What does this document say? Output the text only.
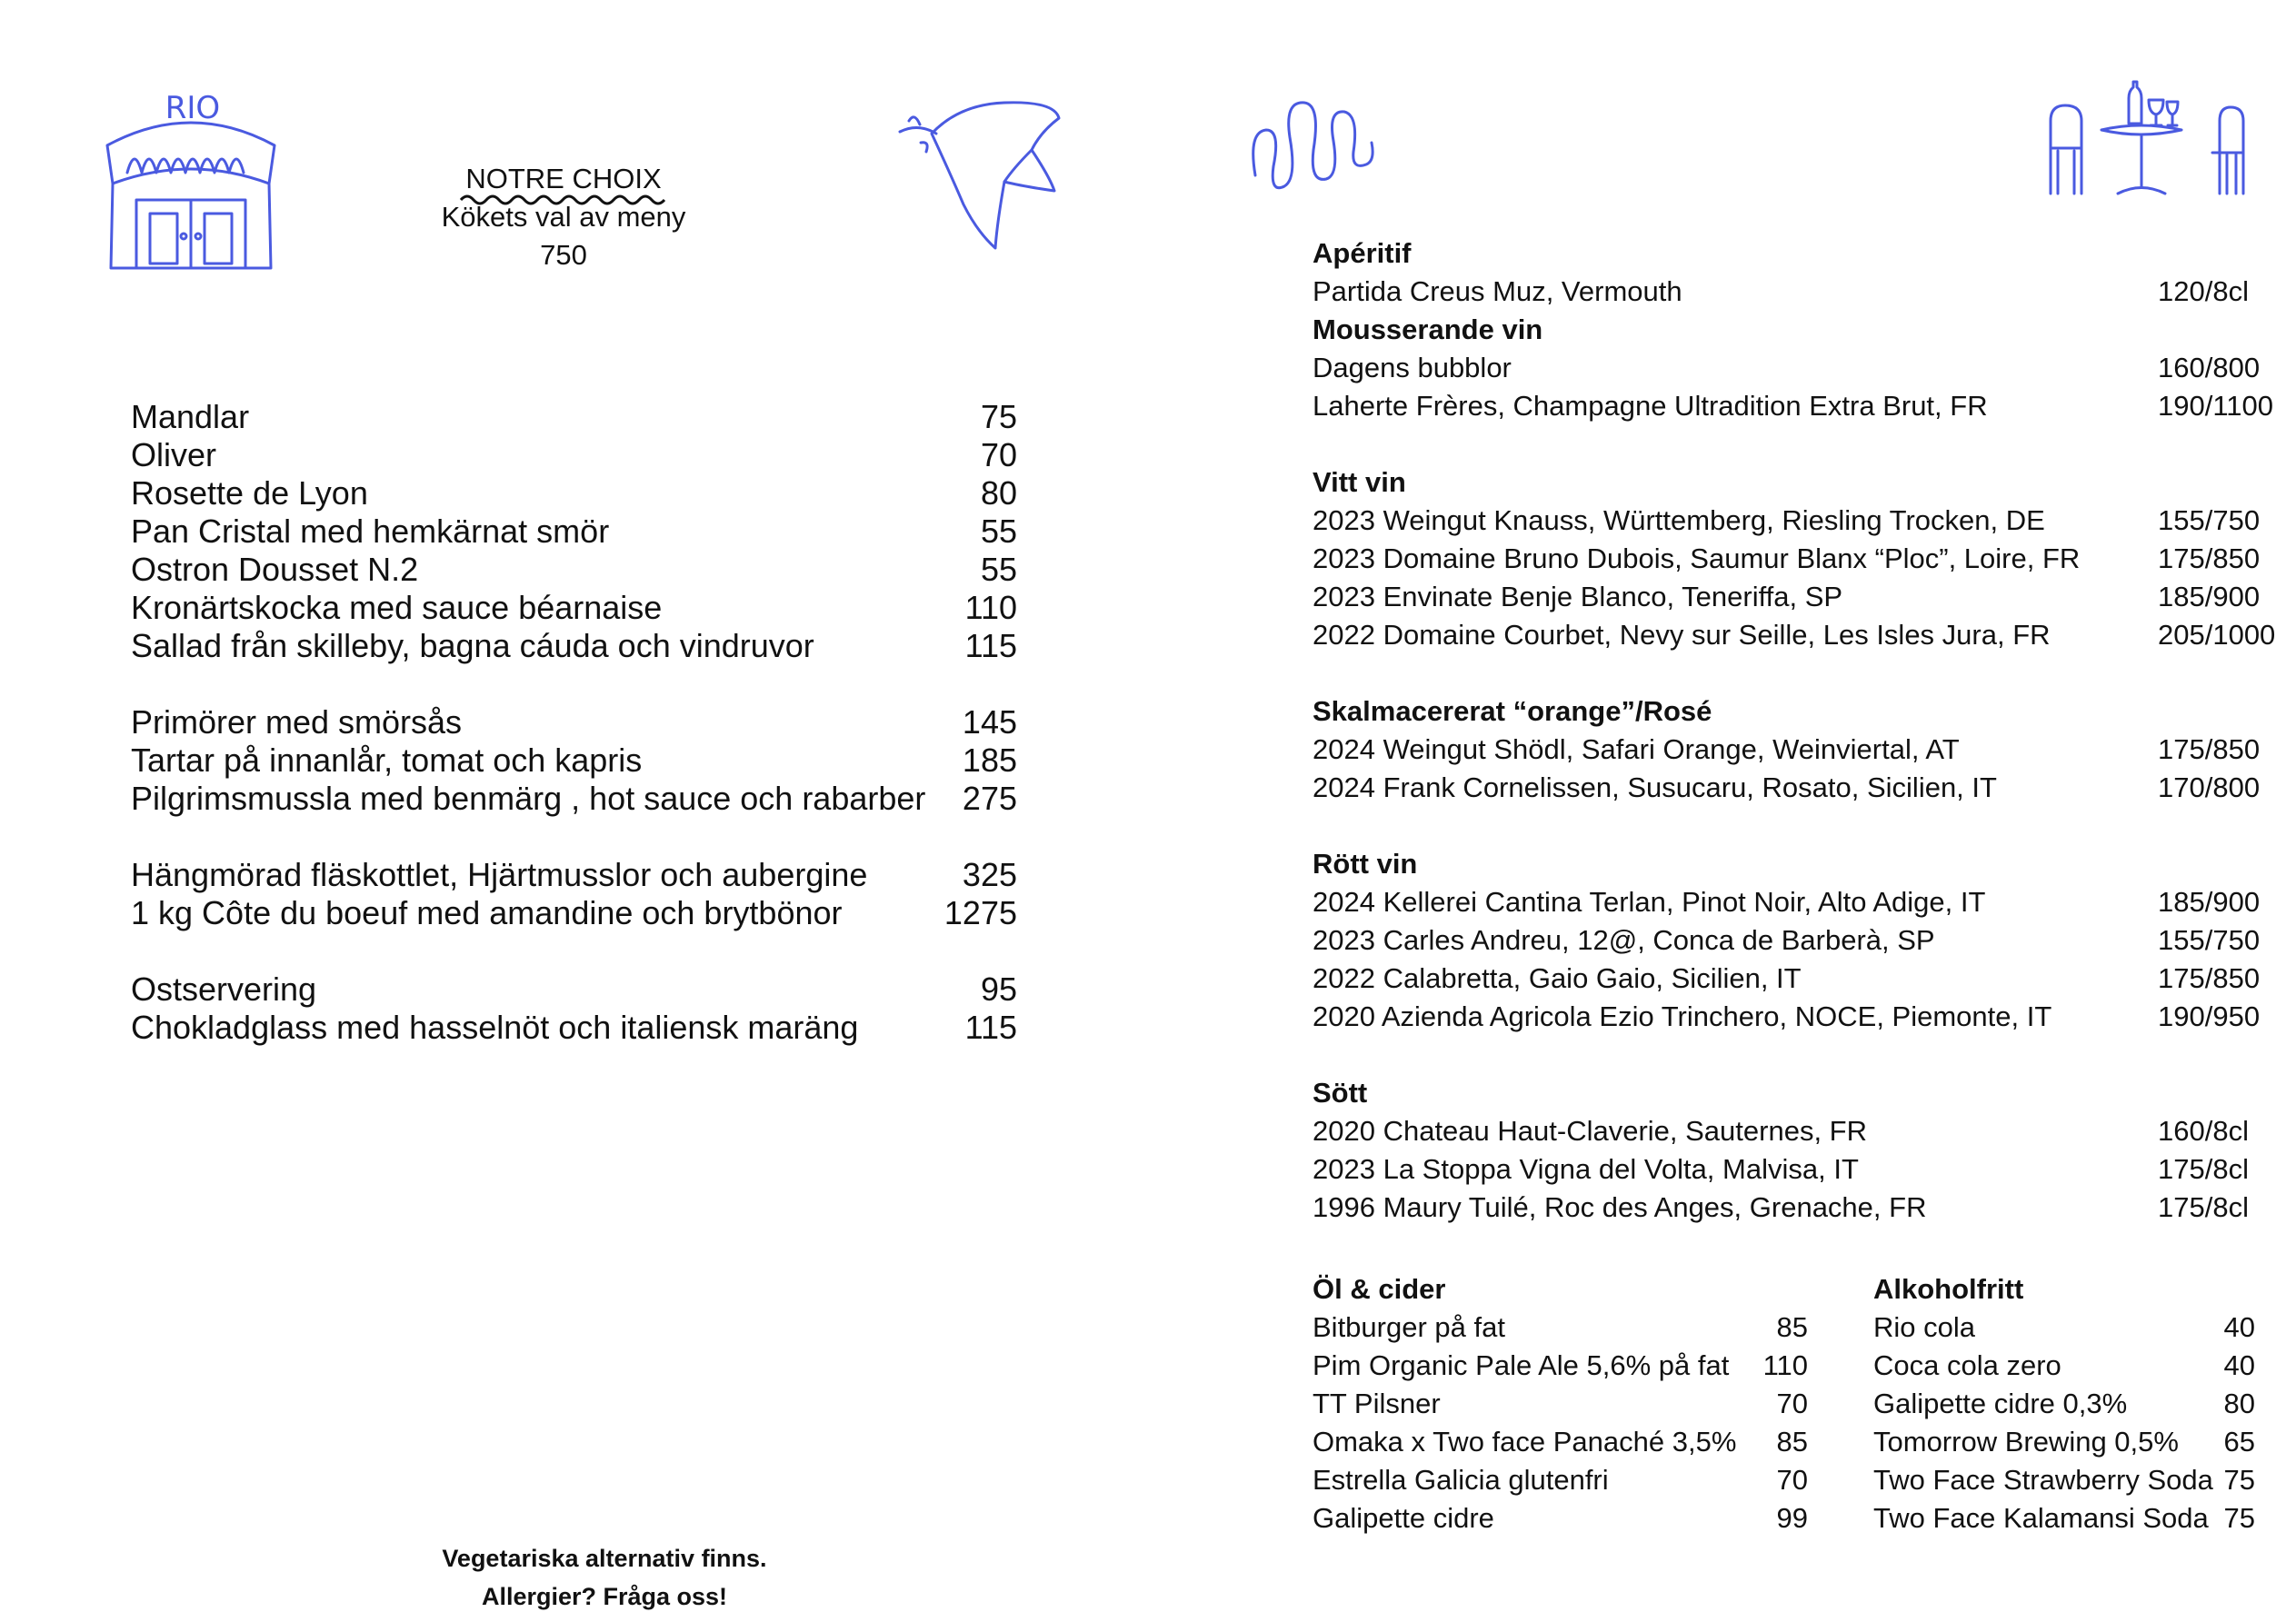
RIO
NOTRE CHOIX
Kökets val av meny
750
Mandlar	75
Oliver	70
Rosette de Lyon	80
Pan Cristal med hemkärnat smör	55
Ostron Dousset N.2	55
Kronärtskocka med sauce béarnaise	110
Sallad från skilleby, bagna cáuda och vindruvor	115
Primörer med smörsås	145
Tartar på innanlår, tomat och kapris	185
Pilgrimsmussla med benmärg , hot sauce och rabarber 275
Hängmörad fläskottlet, Hjärtmusslor och aubergine	325
1 kg Côte du boeuf med amandine och brytbönor	1275
Ostservering	95
Chokladglass med hasselnöt och italiensk maräng	115
Vegetariska alternativ finns.
Allergier? Fråga oss!
Apéritif
Partida Creus Muz, Vermouth	120/8cl
Mousserande vin
Dagens bubblor	160/800
Laherte Frères, Champagne Ultradition Extra Brut, FR	190/1100
Vitt vin
2023 Weingut Knauss, Württemberg, Riesling Trocken, DE	155/750
2023 Domaine Bruno Dubois, Saumur Blanx “Ploc”, Loire, FR	175/850
2023 Envinate Benje Blanco, Teneriffa, SP	185/900
2022 Domaine Courbet, Nevy sur Seille, Les Isles Jura, FR	205/1000
Skalmacererat “orange”/Rosé
2024 Weingut Shödl, Safari Orange, Weinviertal, AT	175/850
2024 Frank Cornelissen, Susucaru, Rosato, Sicilien, IT	170/800
Rött vin
2024 Kellerei Cantina Terlan, Pinot Noir, Alto Adige, IT	185/900
2023 Carles Andreu, 12@, Conca de Barberà, SP	155/750
2022 Calabretta, Gaio Gaio, Sicilien, IT	175/850
2020 Azienda Agricola Ezio Trinchero, NOCE, Piemonte, IT	190/950
Sött
2020 Chateau Haut-Claverie, Sauternes, FR	160/8cl
2023 La Stoppa Vigna del Volta, Malvisa, IT	175/8cl
1996 Maury Tuilé, Roc des Anges, Grenache, FR	175/8cl
Öl & cider
Bitburger på fat	85
Pim Organic Pale Ale 5,6% på fat 110
TT Pilsner	70
Omaka x Two face Panaché 3,5% 85
Estrella Galicia glutenfri	70
Galipette cidre	99
Alkoholfritt
Rio cola	40
Coca cola zero	40
Galipette cidre 0,3%	80
Tomorrow Brewing 0,5% 65
Two Face Strawberry Soda 75
Two Face Kalamansi Soda 75
